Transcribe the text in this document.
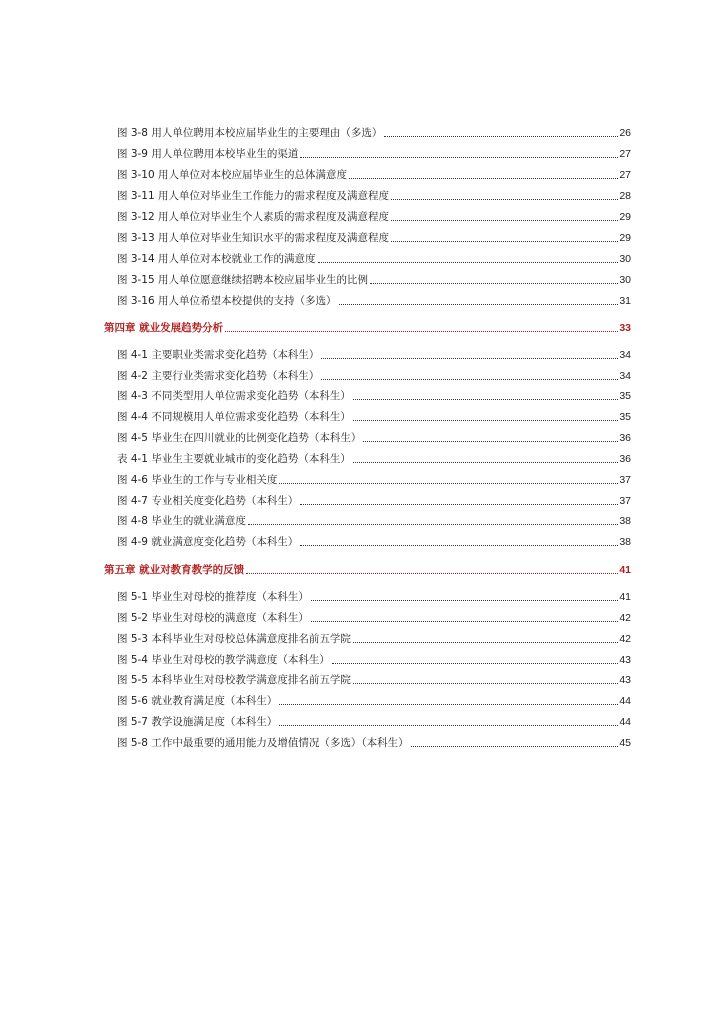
图 3-8 用人单位聘用本校应届毕业生的主要理由（多选）	26
图 3-9 用人单位聘用本校毕业生的渠道	27
图 3-10 用人单位对本校应届毕业生的总体满意度	27
图 3-11 用人单位对毕业生工作能力的需求程度及满意程度	28
图 3-12 用人单位对毕业生个人素质的需求程度及满意程度	29
图 3-13 用人单位对毕业生知识水平的需求程度及满意程度	29
图 3-14 用人单位对本校就业工作的满意度	30
图 3-15 用人单位愿意继续招聘本校应届毕业生的比例	30
图 3-16 用人单位希望本校提供的支持（多选）	31
第四章 就业发展趋势分析	33
图 4-1 主要职业类需求变化趋势（本科生）	34
图 4-2 主要行业类需求变化趋势（本科生）	34
图 4-3 不同类型用人单位需求变化趋势（本科生）	35
图 4-4 不同规模用人单位需求变化趋势（本科生）	35
图 4-5 毕业生在四川就业的比例变化趋势（本科生）	36
表 4-1 毕业生主要就业城市的变化趋势（本科生）	36
图 4-6 毕业生的工作与专业相关度	37
图 4-7 专业相关度变化趋势（本科生）	37
图 4-8 毕业生的就业满意度	38
图 4-9 就业满意度变化趋势（本科生）	38
第五章 就业对教育教学的反馈	41
图 5-1 毕业生对母校的推荐度（本科生）	41
图 5-2 毕业生对母校的满意度（本科生）	42
图 5-3 本科毕业生对母校总体满意度排名前五学院	42
图 5-4 毕业生对母校的教学满意度（本科生）	43
图 5-5 本科毕业生对母校教学满意度排名前五学院	43
图 5-6 就业教育满足度（本科生）	44
图 5-7 教学设施满足度（本科生）	44
图 5-8 工作中最重要的通用能力及增值情况（多选）（本科生）	45
